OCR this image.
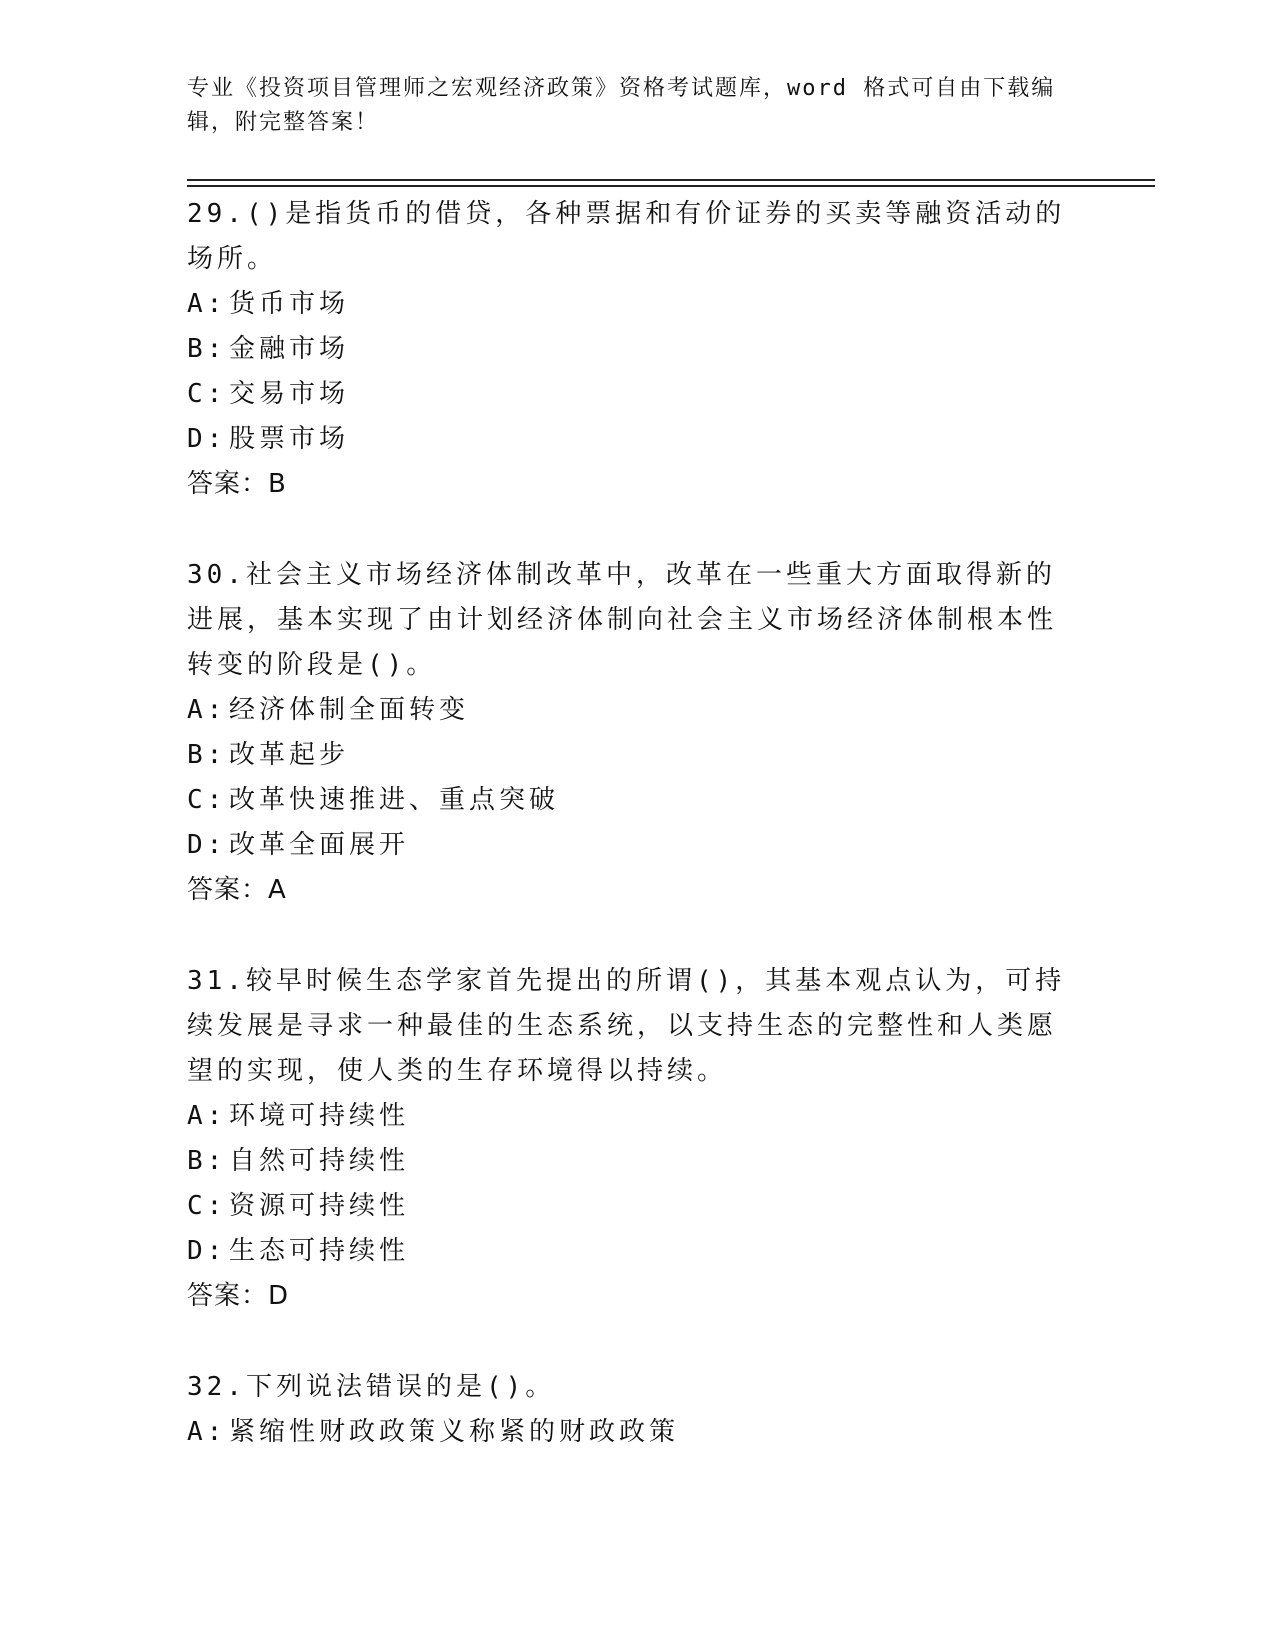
专业《投资项目管理师之宏观经济政策》资格考试题库，word 格式可自由下载编辑，附完整答案！

29.()是指货币的借贷，各种票据和有价证券的买卖等融资活动的场所。

A: 货币市场
B: 金融市场
C: 交易市场
D: 股票市场
答案：B

30.社会主义市场经济体制改革中，改革在一些重大方面取得新的进展，基本实现了由计划经济体制向社会主义市场经济体制根本性转变的阶段是()。

A: 经济体制全面转变
B: 改革起步
C: 改革快速推进、重点突破
D: 改革全面展开
答案：A

31.较早时候生态学家首先提出的所谓()，其基本观点认为，可持续发展是寻求一种最佳的生态系统，以支持生态的完整性和人类愿望的实现，使人类的生存环境得以持续。

A: 环境可持续性
B: 自然可持续性
C: 资源可持续性
D: 生态可持续性
答案：D

32.下列说法错误的是()。

A: 紧缩性财政政策义称紧的财政政策
